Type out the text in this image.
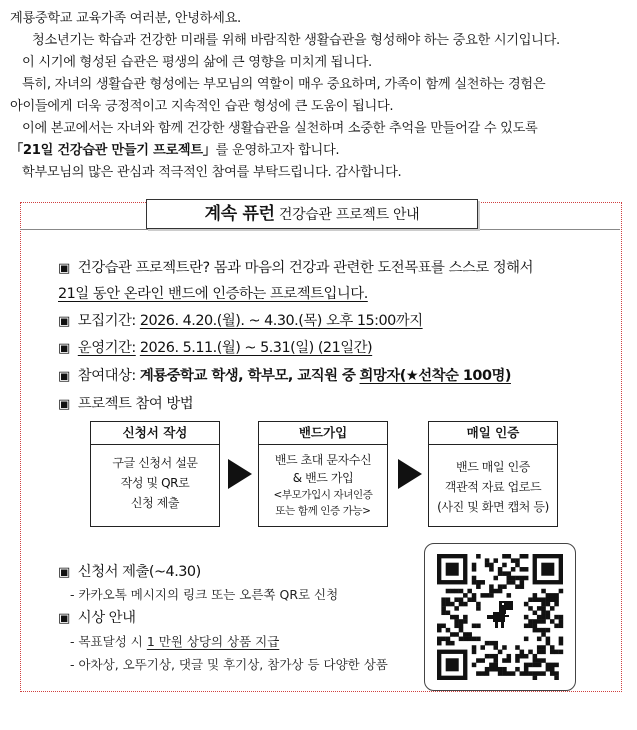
계룡중학교 교육가족 여러분, 안녕하세요.

청소년기는 학습과 건강한 미래를 위해 바람직한 생활습관을 형성해야 하는 중요한 시기입니다.

이 시기에 형성된 습관은 평생의 삶에 큰 영향을 미치게 됩니다.

특히, 자녀의 생활습관 형성에는 부모님의 역할이 매우 중요하며, 가족이 함께 실천하는 경험은

아이들에게 더욱 긍정적이고 지속적인 습관 형성에 큰 도움이 됩니다.

이에 본교에서는 자녀와 함께 건강한 생활습관을 실천하며 소중한 추억을 만들어갈 수 있도록

「21일 건강습관 만들기 프로젝트」를 운영하고자 합니다.

학부모님의 많은 관심과 적극적인 참여를 부탁드립니다. 감사합니다.

계속 퓨런 건강습관 프로젝트 안내
▣ 건강습관 프로젝트란? 몸과 마음의 건강과 관련한 도전목표를 스스로 정해서
21일 동안 온라인 밴드에 인증하는 프로젝트입니다.
▣ 모집기간: 2026. 4.20.(월). ~ 4.30.(목) 오후 15:00까지
▣ 운영기간: 2026. 5.11.(월) ~ 5.31(일) (21일간)
▣ 참여대상: 계룡중학교 학생, 학부모, 교직원 중 희망자(★선착순 100명)
▣ 프로젝트 참여 방법
신청서 작성
구글 신청서 설문
작성 및 QR로
신청 제출
밴드가입
밴드 초대 문자수신
& 밴드 가입
<부모가입시 자녀인증
또는 함께 인증 가능>
매일 인증
밴드 매일 인증
객관적 자료 업로드
(사진 및 화면 캡처 등)
▣ 신청서 제출(~4.30)
- 카카오톡 메시지의 링크 또는 오른쪽 QR로 신청
▣ 시상 안내
- 목표달성 시 1 만원 상당의 상품 지급
- 아차상, 오뚜기상, 댓글 및 후기상, 참가상 등 다양한 상품
